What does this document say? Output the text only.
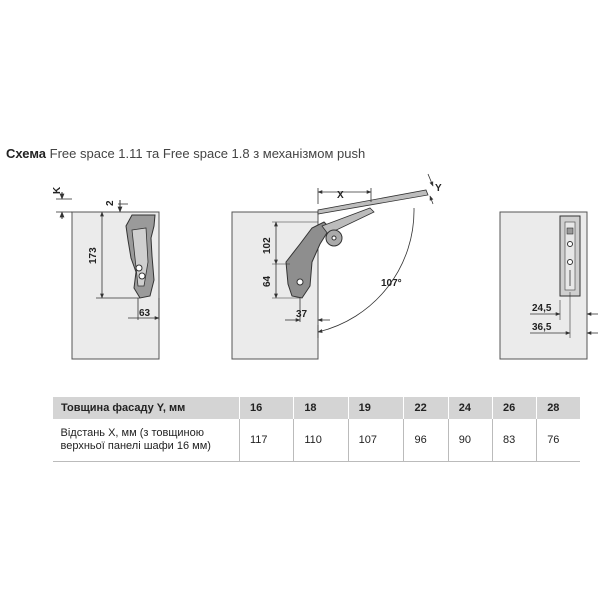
Схема Free space 1.11 та Free space 1.8 з механізмом push
K
2
173
63
107°
X
Y
102
64
37
24,5
36,5
Товщина фасаду Y, мм	16	18	19	22	24	26	28

Відстань X, мм (з товщиною
верхньої панелі шафи 16 мм)	117	110	107	96	90	83	76
